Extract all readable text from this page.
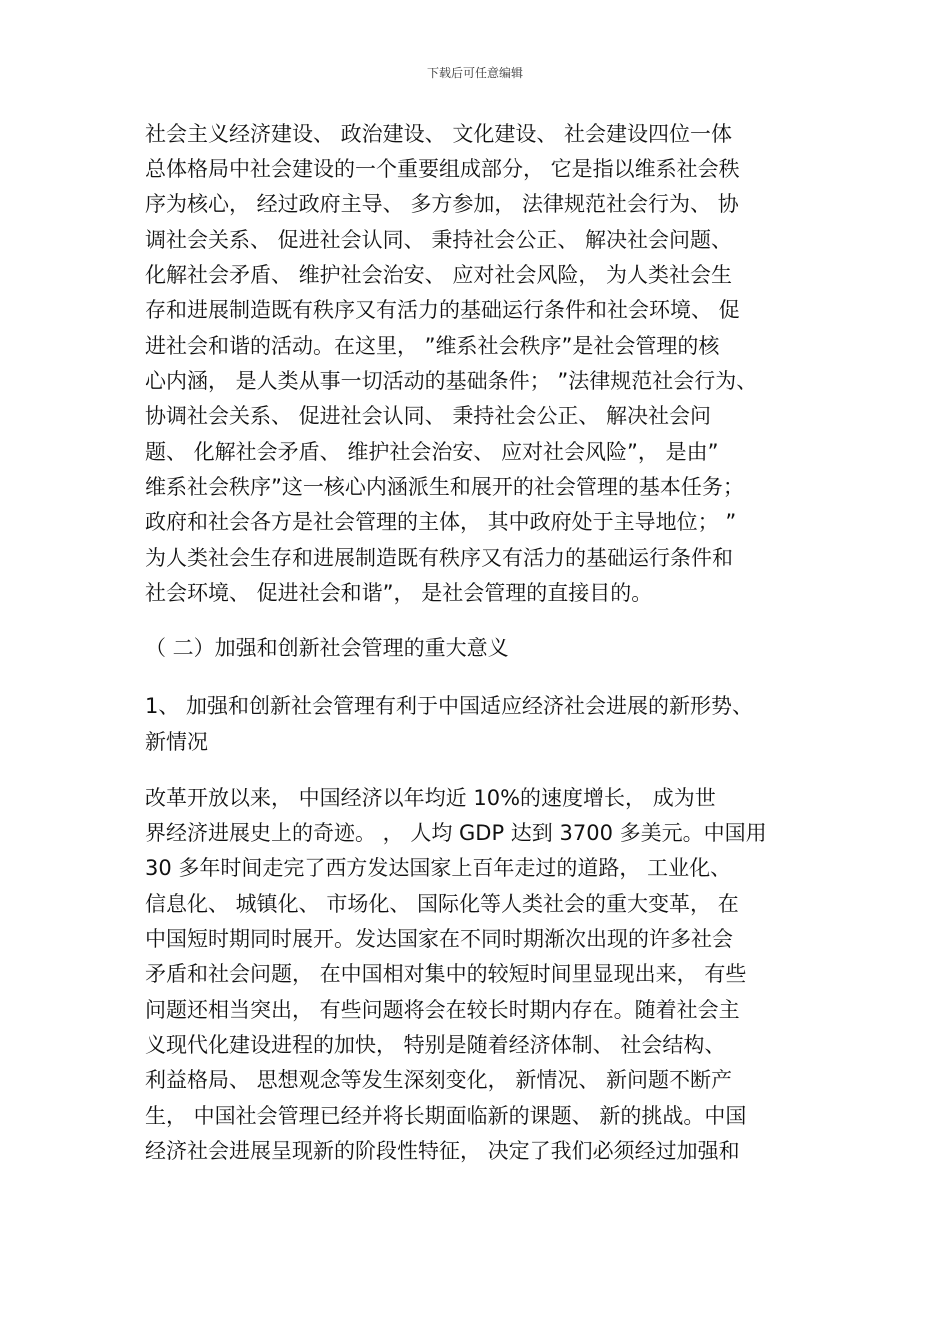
下载后可任意编辑
社会主义经济建设、 政治建设、 文化建设、 社会建设四位一体
总体格局中社会建设的一个重要组成部分， 它是指以维系社会秩
序为核心， 经过政府主导、 多方参加， 法律规范社会行为、 协
调社会关系、 促进社会认同、 秉持社会公正、 解决社会问题、
化解社会矛盾、 维护社会治安、 应对社会风险， 为人类社会生
存和进展制造既有秩序又有活力的基础运行条件和社会环境、 促
进社会和谐的活动。在这里， ”维系社会秩序”是社会管理的核
心内涵， 是人类从事一切活动的基础条件； ”法律规范社会行为、
协调社会关系、 促进社会认同、 秉持社会公正、 解决社会问
题、 化解社会矛盾、 维护社会治安、 应对社会风险”， 是由”
维系社会秩序”这一核心内涵派生和展开的社会管理的基本任务；
政府和社会各方是社会管理的主体， 其中政府处于主导地位； ”
为人类社会生存和进展制造既有秩序又有活力的基础运行条件和
社会环境、 促进社会和谐”， 是社会管理的直接目的。
（ 二）加强和创新社会管理的重大意义
1、 加强和创新社会管理有利于中国适应经济社会进展的新形势、
新情况
改革开放以来， 中国经济以年均近 10%的速度增长， 成为世
界经济进展史上的奇迹。 ， 人均 GDP 达到 3700 多美元。中国用
30 多年时间走完了西方发达国家上百年走过的道路， 工业化、
信息化、 城镇化、 市场化、 国际化等人类社会的重大变革， 在
中国短时期同时展开。发达国家在不同时期渐次出现的许多社会
矛盾和社会问题， 在中国相对集中的较短时间里显现出来， 有些
问题还相当突出， 有些问题将会在较长时期内存在。随着社会主
义现代化建设进程的加快， 特别是随着经济体制、 社会结构、
利益格局、 思想观念等发生深刻变化， 新情况、 新问题不断产
生， 中国社会管理已经并将长期面临新的课题、 新的挑战。中国
经济社会进展呈现新的阶段性特征， 决定了我们必须经过加强和
